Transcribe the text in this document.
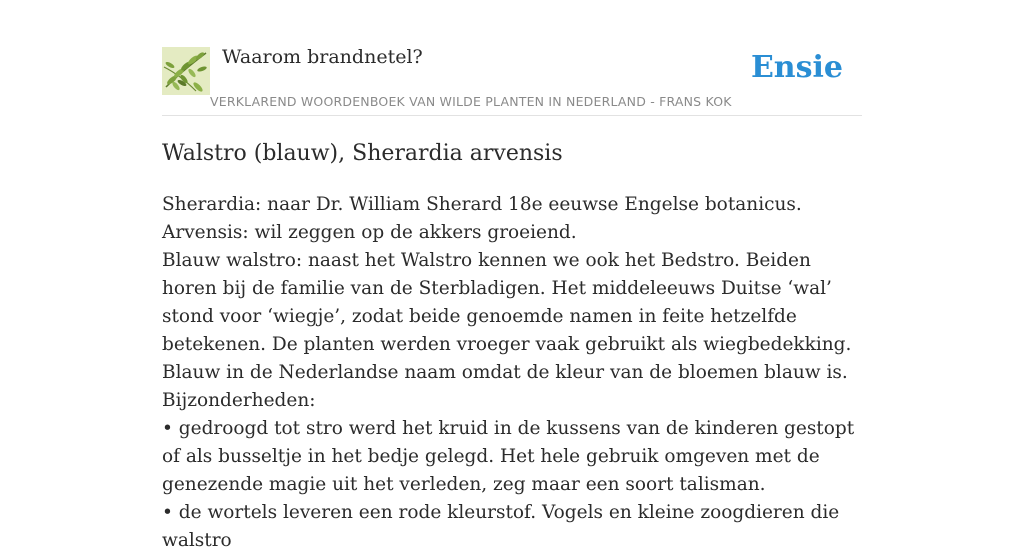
Waarom brandnetel?	Ensie
VERKLAREND WOORDENBOEK VAN WILDE PLANTEN IN NEDERLAND - FRANS KOK
Walstro (blauw), Sherardia arvensis

Sherardia: naar Dr. William Sherard 18e eeuwse Engelse botanicus.

Arvensis: wil zeggen op de akkers groeiend.

Blauw walstro: naast het Walstro kennen we ook het Bedstro. Beiden horen bij de familie van de Sterbladigen. Het middeleeuws Duitse ‘wal’ stond voor ‘wiegje’, zodat beide genoemde namen in feite hetzelfde betekenen. De planten werden vroeger vaak gebruikt als wiegbedekking. Blauw in de Nederlandse naam omdat de kleur van de bloemen blauw is.

Bijzonderheden:

• gedroogd tot stro werd het kruid in de kussens van de kinderen gestopt of als busseltje in het bedje gelegd. Het hele gebruik omgeven met de genezende magie uit het verleden, zeg maar een soort talisman.

• de wortels leveren een rode kleurstof. Vogels en kleine zoogdieren die walstro
